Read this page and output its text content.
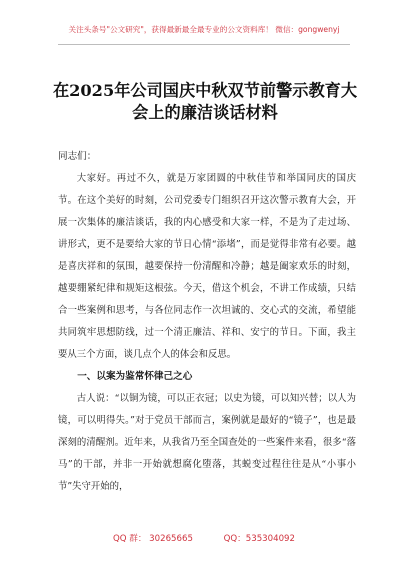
关注头条号"公文研究"，获得最新最全最专业的公文资料库！ 微信：gongwenyj
在2025年公司国庆中秋双节前警示教育大会上的廉洁谈话材料

同志们：

大家好。再过不久，就是万家团圆的中秋佳节和举国同庆的国庆节。在这个美好的时刻，公司党委专门组织召开这次警示教育大会，开展一次集体的廉洁谈话，我的内心感受和大家一样，不是为了走过场、讲形式，更不是要给大家的节日心情“添堵”，而是觉得非常有必要。越是喜庆祥和的氛围，越要保持一份清醒和冷静；越是阖家欢乐的时刻，越要绷紧纪律和规矩这根弦。今天，借这个机会，不讲工作成绩，只结合一些案例和思考，与各位同志作一次坦诚的、交心式的交流，希望能共同筑牢思想防线，过一个清正廉洁、祥和、安宁的节日。下面，我主要从三个方面，谈几点个人的体会和反思。

一、以案为鉴常怀律己之心

古人说：“以铜为镜，可以正衣冠；以史为镜，可以知兴替；以人为镜，可以明得失。”对于党员干部而言，案例就是最好的“镜子”，也是最深刻的清醒剂。近年来，从我省乃至全国查处的一些案件来看，很多“落马”的干部，并非一开始就想腐化堕落，其蜕变过程往往是从“小事小节”失守开始的，

QQ 群： 30265665	QQ：535304092
